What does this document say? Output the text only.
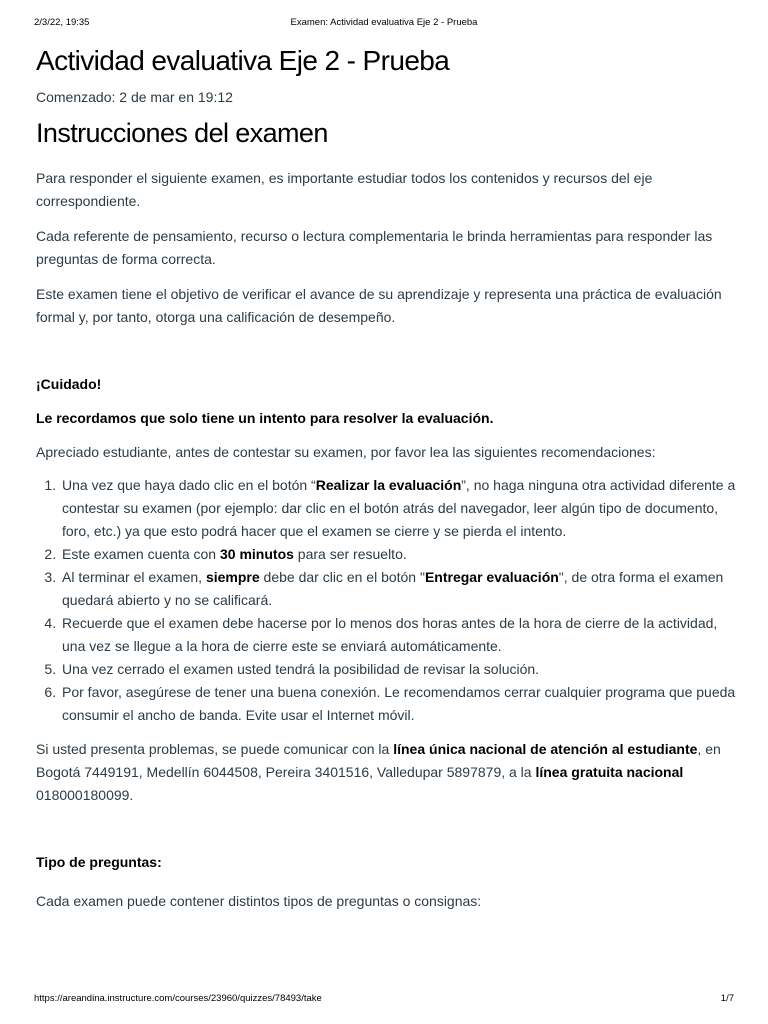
2/3/22, 19:35	Examen: Actividad evaluativa Eje 2 - Prueba
Actividad evaluativa Eje 2 - Prueba
Comenzado: 2 de mar en 19:12
Instrucciones del examen

Para responder el siguiente examen, es importante estudiar todos los contenidos y recursos del eje correspondiente.

Cada referente de pensamiento, recurso o lectura complementaria le brinda herramientas para responder las preguntas de forma correcta.

Este examen tiene el objetivo de verificar el avance de su aprendizaje y representa una práctica de evaluación formal y, por tanto, otorga una calificación de desempeño.

¡Cuidado!

Le recordamos que solo tiene un intento para resolver la evaluación.

Apreciado estudiante, antes de contestar su examen, por favor lea las siguientes recomendaciones:

1. Una vez que haya dado clic en el botón “Realizar la evaluación”, no haga ninguna otra actividad diferente a contestar su examen (por ejemplo: dar clic en el botón atrás del navegador, leer algún tipo de documento, foro, etc.) ya que esto podrá hacer que el examen se cierre y se pierda el intento.
2. Este examen cuenta con 30 minutos para ser resuelto.
3. Al terminar el examen, siempre debe dar clic en el botón "Entregar evaluación", de otra forma el examen quedará abierto y no se calificará.
4. Recuerde que el examen debe hacerse por lo menos dos horas antes de la hora de cierre de la actividad, una vez se llegue a la hora de cierre este se enviará automáticamente.
5. Una vez cerrado el examen usted tendrá la posibilidad de revisar la solución.
6. Por favor, asegúrese de tener una buena conexión. Le recomendamos cerrar cualquier programa que pueda consumir el ancho de banda. Evite usar el Internet móvil.

Si usted presenta problemas, se puede comunicar con la línea única nacional de atención al estudiante, en Bogotá 7449191, Medellín 6044508, Pereira 3401516, Valledupar 5897879, a la línea gratuita nacional 018000180099.

Tipo de preguntas:

Cada examen puede contener distintos tipos de preguntas o consignas:

https://areandina.instructure.com/courses/23960/quizzes/78493/take	1/7
